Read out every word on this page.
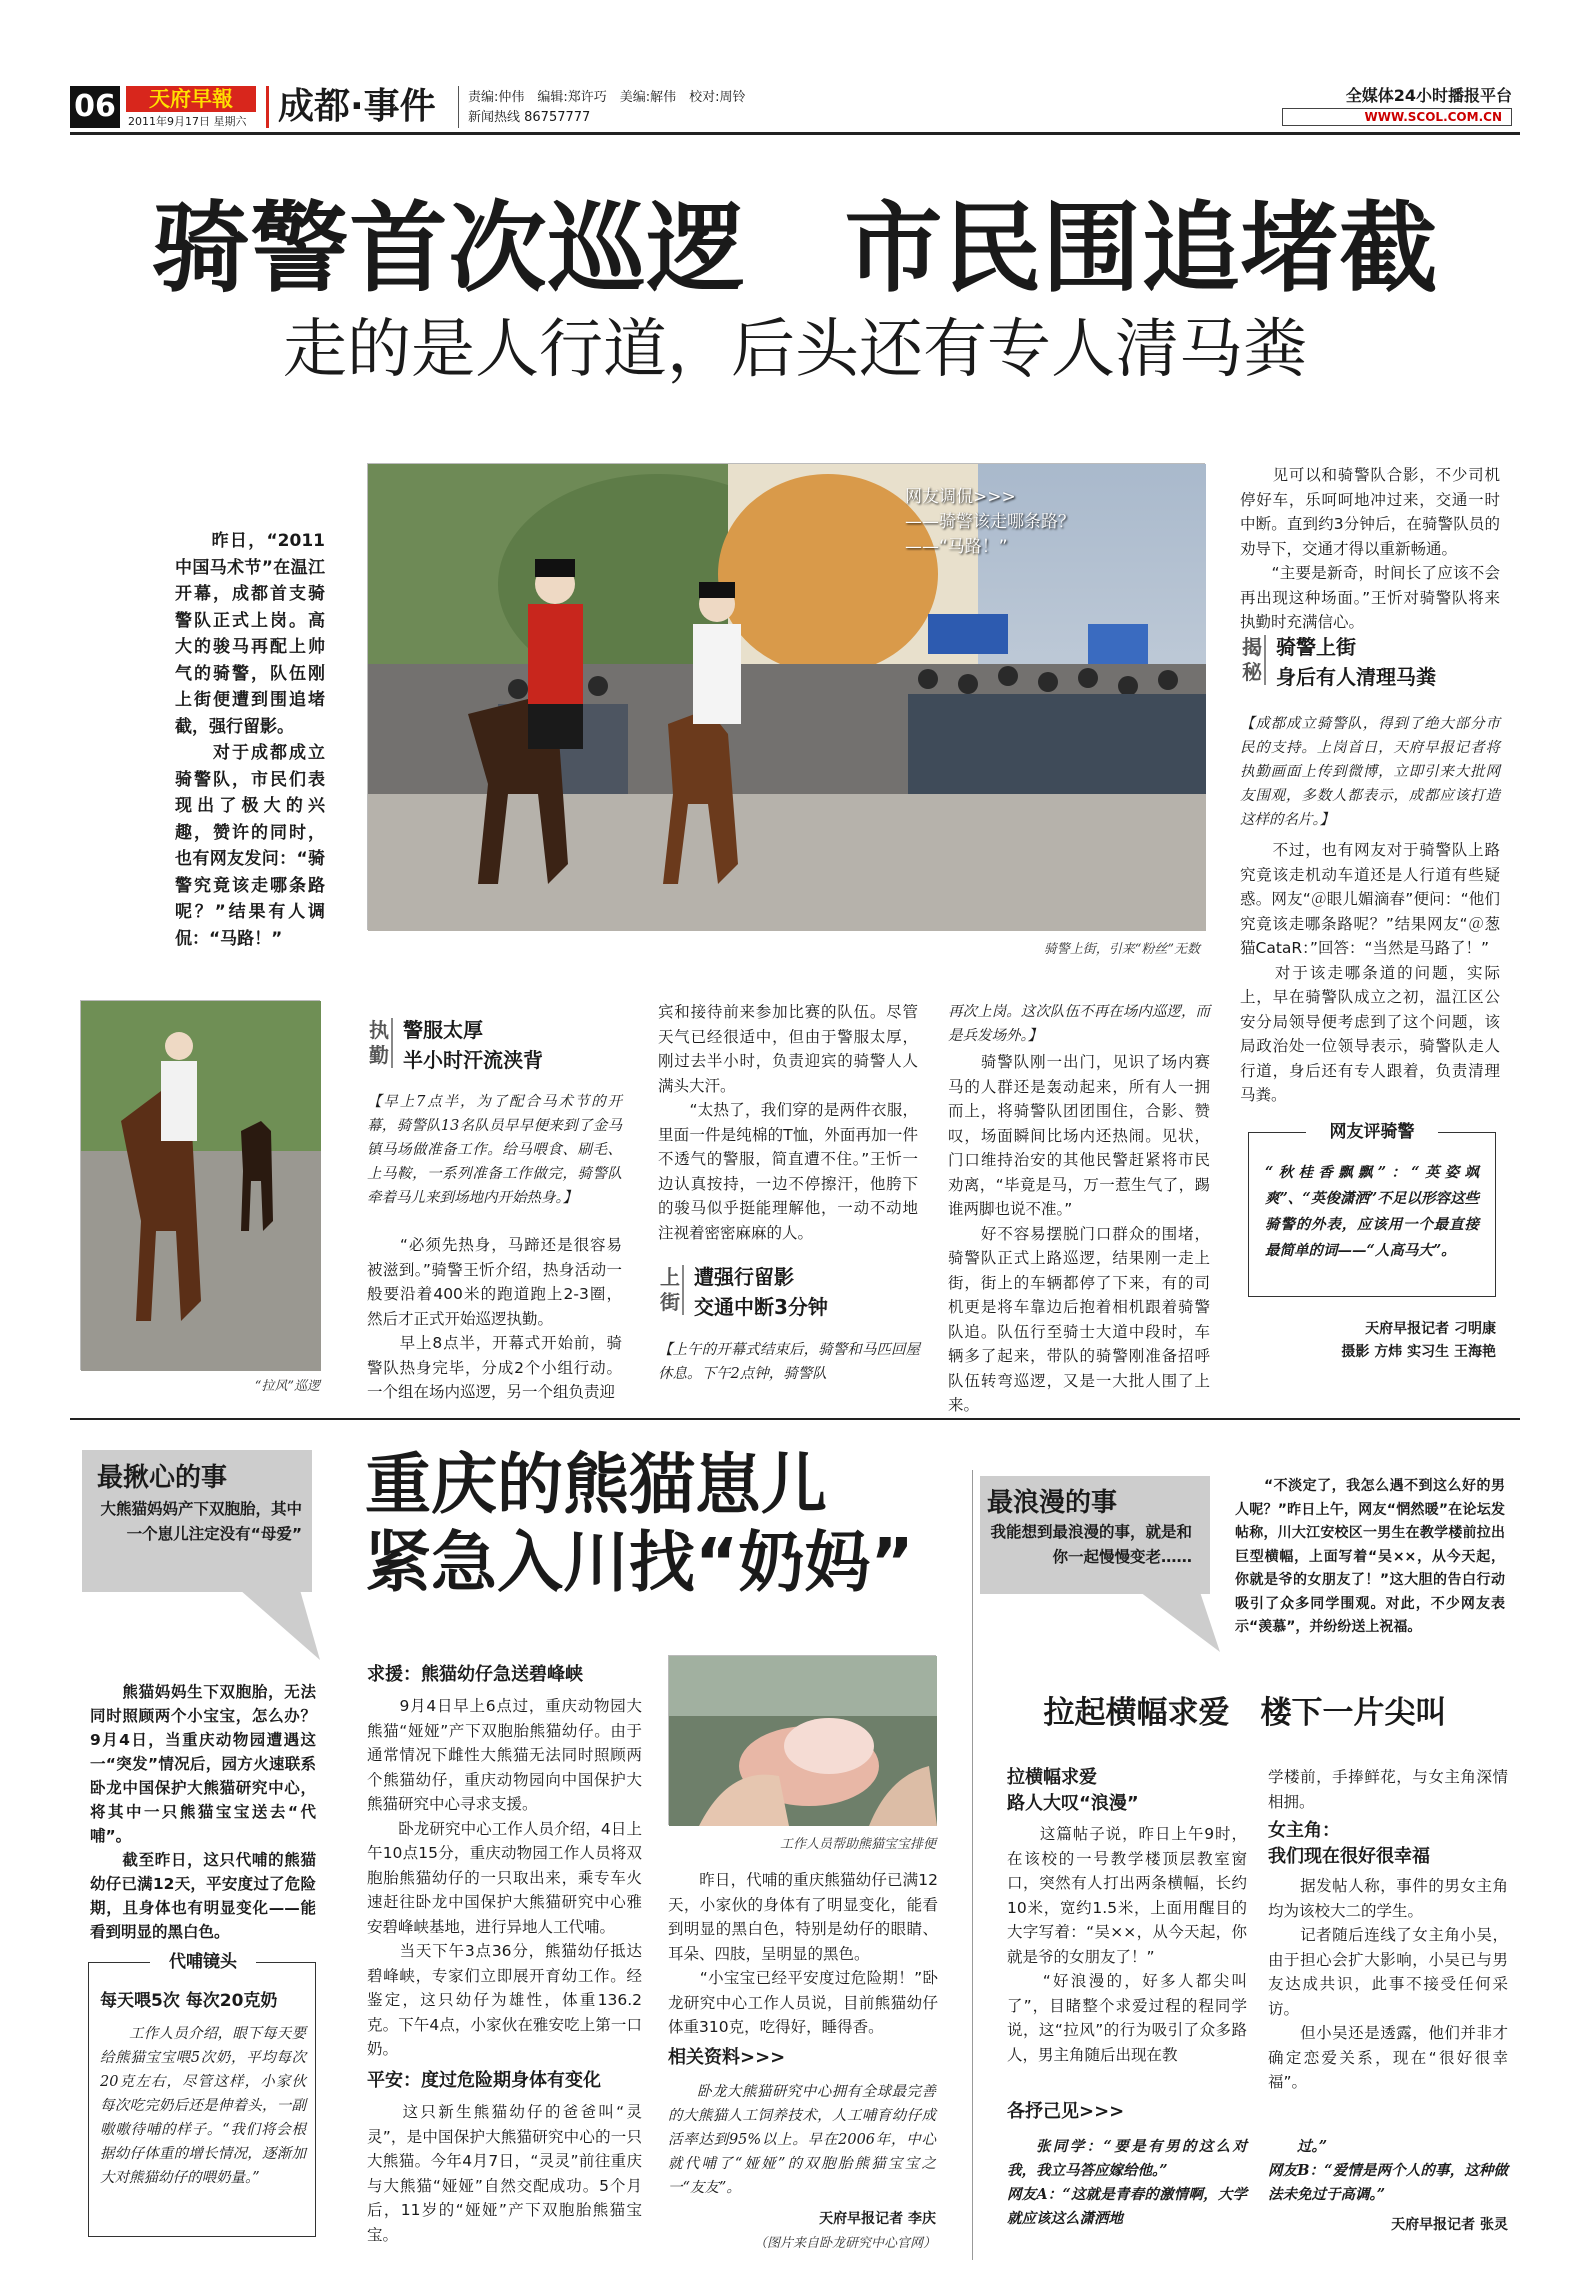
06	天府早報
2011年9月17日 星期六 成都·事件	责编:仲伟　编辑:郑许巧　美编:解伟　校对:周铃
新闻热线 86757777
全媒体24小时播报平台
WWW.SCOL.COM.CN
骑警首次巡逻　市民围追堵截
走的是人行道，后头还有专人清马粪
　　昨日，“2011中国马术节”在温江开幕，成都首支骑警队正式上岗。高大的骏马再配上帅气的骑警，队伍刚上街便遭到围追堵截，强行留影。
　　对于成都成立骑警队，市民们表现出了极大的兴趣，赞许的同时，也有网友发问：“骑警究竟该走哪条路呢？”结果有人调侃：“马路！”
网友调侃>>>
——骑警该走哪条路？
——“马路！”
骑警上街，引来“粉丝”无数
　　见可以和骑警队合影，不少司机停好车，乐呵呵地冲过来，交通一时中断。直到约3分钟后，在骑警队员的劝导下，交通才得以重新畅通。
　　“主要是新奇，时间长了应该不会再出现这种场面。”王忻对骑警队将来执勤时充满信心。
揭
秘
骑警上街
身后有人清理马粪
【成都成立骑警队，得到了绝大部分市民的支持。上岗首日，天府早报记者将执勤画面上传到微博，立即引来大批网友围观，多数人都表示，成都应该打造这样的名片。】
　　不过，也有网友对于骑警队上路究竟该走机动车道还是人行道有些疑惑。网友“＠眼儿媚滴春”便问：“他们究竟该走哪条路呢？”结果网友“＠葱猫CataR：”回答：“当然是马路了！”
　　对于该走哪条道的问题，实际上，早在骑警队成立之初，温江区公安分局领导便考虑到了这个问题，该局政治处一位领导表示，骑警队走人行道，身后还有专人跟着，负责清理马粪。
网友评骑警
“秋桂香飘飘”：“英姿飒爽”、“英俊潇洒”不足以形容这些骑警的外表，应该用一个最直接最简单的词——“人高马大”。
天府早报记者 刁明康
摄影 方炜 实习生 王海艳
“拉风”巡逻
执
勤
警服太厚
半小时汗流浃背
【早上7点半，为了配合马术节的开幕，骑警队13名队员早早便来到了金马镇马场做准备工作。给马喂食、刷毛、上马鞍，一系列准备工作做完，骑警队牵着马儿来到场地内开始热身。】
　　“必须先热身，马蹄还是很容易被滋到。”骑警王忻介绍，热身活动一般要沿着400米的跑道跑上2-3圈，然后才正式开始巡逻执勤。
　　早上8点半，开幕式开始前，骑警队热身完毕，分成2个小组行动。一个组在场内巡逻，另一个组负责迎
宾和接待前来参加比赛的队伍。尽管天气已经很适中，但由于警服太厚，刚过去半小时，负责迎宾的骑警人人满头大汗。
　　“太热了，我们穿的是两件衣服，里面一件是纯棉的T恤，外面再加一件不透气的警服，简直遭不住。”王忻一边认真按持，一边不停擦汗，他胯下的骏马似乎挺能理解他，一动不动地注视着密密麻麻的人。
上
街
遭强行留影
交通中断3分钟
【上午的开幕式结束后，骑警和马匹回屋休息。下午2点钟，骑警队
再次上岗。这次队伍不再在场内巡逻，而是兵发场外。】
　　骑警队刚一出门，见识了场内赛马的人群还是轰动起来，所有人一拥而上，将骑警队团团围住，合影、赞叹，场面瞬间比场内还热闹。见状，门口维持治安的其他民警赶紧将市民劝离，“毕竟是马，万一惹生气了，踢谁两脚也说不准。”
　　好不容易摆脱门口群众的围堵，骑警队正式上路巡逻，结果刚一走上街，街上的车辆都停了下来，有的司机更是将车靠边后抱着相机跟着骑警队追。队伍行至骑士大道中段时，车辆多了起来，带队的骑警刚准备招呼队伍转弯巡逻，又是一大批人围了上来。
最揪心的事
大熊猫妈妈产下双胞胎，其中一个崽儿注定没有“母爱”
重庆的熊猫崽儿
紧急入川找“奶妈”
　　熊猫妈妈生下双胞胎，无法同时照顾两个小宝宝，怎么办？9月4日，当重庆动物园遭遇这一“突发”情况后，园方火速联系卧龙中国保护大熊猫研究中心，将其中一只熊猫宝宝送去“代哺”。
　　截至昨日，这只代哺的熊猫幼仔已满12天，平安度过了危险期，且身体也有明显变化——能看到明显的黑白色。
代哺镜头
每天喂5次 每次20克奶
工作人员介绍，眼下每天要给熊猫宝宝喂5次奶，平均每次20克左右，尽管这样，小家伙每次吃完奶后还是伸着头，一副嗷嗷待哺的样子。“我们将会根据幼仔体重的增长情况，逐渐加大对熊猫幼仔的喂奶量。”
求援：熊猫幼仔急送碧峰峡
　　9月4日早上6点过，重庆动物园大熊猫“娅娅”产下双胞胎熊猫幼仔。由于通常情况下雌性大熊猫无法同时照顾两个熊猫幼仔，重庆动物园向中国保护大熊猫研究中心寻求支援。
　　卧龙研究中心工作人员介绍，4日上午10点15分，重庆动物园工作人员将双胞胎熊猫幼仔的一只取出来，乘专车火速赶往卧龙中国保护大熊猫研究中心雅安碧峰峡基地，进行异地人工代哺。
　　当天下午3点36分，熊猫幼仔抵达碧峰峡，专家们立即展开育幼工作。经鉴定，这只幼仔为雄性，体重136.2克。下午4点，小家伙在雅安吃上第一口奶。
平安：度过危险期身体有变化
　　这只新生熊猫幼仔的爸爸叫“灵灵”，是中国保护大熊猫研究中心的一只大熊猫。今年4月7日，“灵灵”前往重庆与大熊猫“娅娅”自然交配成功。5个月后，11岁的“娅娅”产下双胞胎熊猫宝宝。
工作人员帮助熊猫宝宝排便
　　昨日，代哺的重庆熊猫幼仔已满12天，小家伙的身体有了明显变化，能看到明显的黑白色，特别是幼仔的眼睛、耳朵、四肢，呈明显的黑色。
　　“小宝宝已经平安度过危险期！”卧龙研究中心工作人员说，目前熊猫幼仔体重310克，吃得好，睡得香。
相关资料>>>
卧龙大熊猫研究中心拥有全球最完善的大熊猫人工饲养技术，人工哺育幼仔成活率达到95%以上。早在2006年，中心就代哺了“娅娅”的双胞胎熊猫宝宝之一“友友”。
天府早报记者 李庆
（图片来自卧龙研究中心官网）
最浪漫的事
我能想到最浪漫的事，就是和你一起慢慢变老……
　　“不淡定了，我怎么遇不到这么好的男人呢？”昨日上午，网友“惘然暖”在论坛发帖称，川大江安校区一男生在教学楼前拉出巨型横幅，上面写着“吴××，从今天起，你就是爷的女朋友了！”这大胆的告白行动吸引了众多同学围观。对此，不少网友表示“羡慕”，并纷纷送上祝福。
拉起横幅求爱　楼下一片尖叫
拉横幅求爱
路人大叹“浪漫”
　　这篇帖子说，昨日上午9时，在该校的一号教学楼顶层教室窗口，突然有人打出两条横幅，长约10米，宽约1.5米，上面用醒目的大字写着：“吴××，从今天起，你就是爷的女朋友了！”
　　“好浪漫的，好多人都尖叫了”，目睹整个求爱过程的程同学说，这“拉风”的行为吸引了众多路人，男主角随后出现在教
学楼前，手捧鲜花，与女主角深情相拥。
女主角：
我们现在很好很幸福
　　据发帖人称，事件的男女主角均为该校大二的学生。
　　记者随后连线了女主角小吴，由于担心会扩大影响，小吴已与男友达成共识，此事不接受任何采访。
　　但小吴还是透露，他们并非才确定恋爱关系，现在“很好很幸福”。
各抒己见>>>
张同学：“要是有男的这么对我，我立马答应嫁给他。”
网友A：“这就是青春的激情啊，大学就应该这么潇洒地
过。”
网友B：“爱情是两个人的事，这种做法未免过于高调。”
天府早报记者 张灵
